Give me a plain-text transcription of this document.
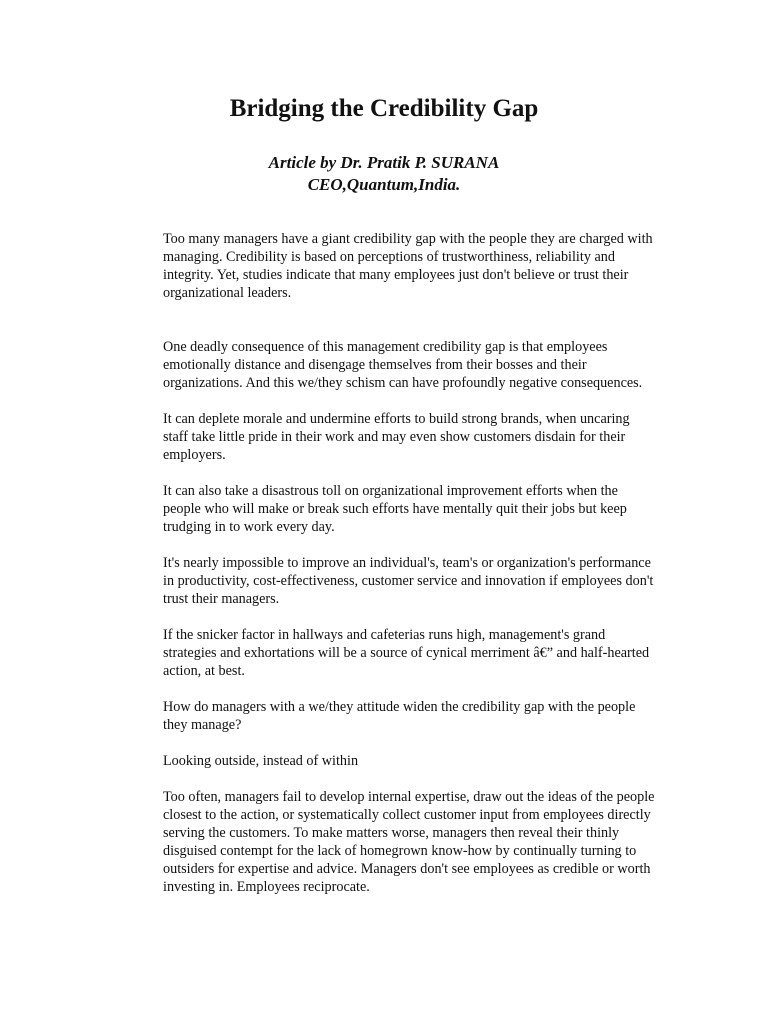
Bridging the Credibility Gap
Article by Dr. Pratik P. SURANA
CEO,Quantum,India.

Too many managers have a giant credibility gap with the people they are charged with managing. Credibility is based on perceptions of trustworthiness, reliability and integrity. Yet, studies indicate that many employees just don't believe or trust their organizational leaders.

One deadly consequence of this management credibility gap is that employees emotionally distance and disengage themselves from their bosses and their organizations. And this we/they schism can have profoundly negative consequences.

It can deplete morale and undermine efforts to build strong brands, when uncaring staff take little pride in their work and may even show customers disdain for their employers.

It can also take a disastrous toll on organizational improvement efforts when the people who will make or break such efforts have mentally quit their jobs but keep trudging in to work every day.

It's nearly impossible to improve an individual's, team's or organization's performance in productivity, cost-effectiveness, customer service and innovation if employees don't trust their managers.

If the snicker factor in hallways and cafeterias runs high, management's grand strategies and exhortations will be a source of cynical merriment â€” and half-hearted action, at best.

How do managers with a we/they attitude widen the credibility gap with the people they manage?

Looking outside, instead of within

Too often, managers fail to develop internal expertise, draw out the ideas of the people closest to the action, or systematically collect customer input from employees directly serving the customers. To make matters worse, managers then reveal their thinly disguised contempt for the lack of homegrown know-how by continually turning to outsiders for expertise and advice. Managers don't see employees as credible or worth investing in. Employees reciprocate.
